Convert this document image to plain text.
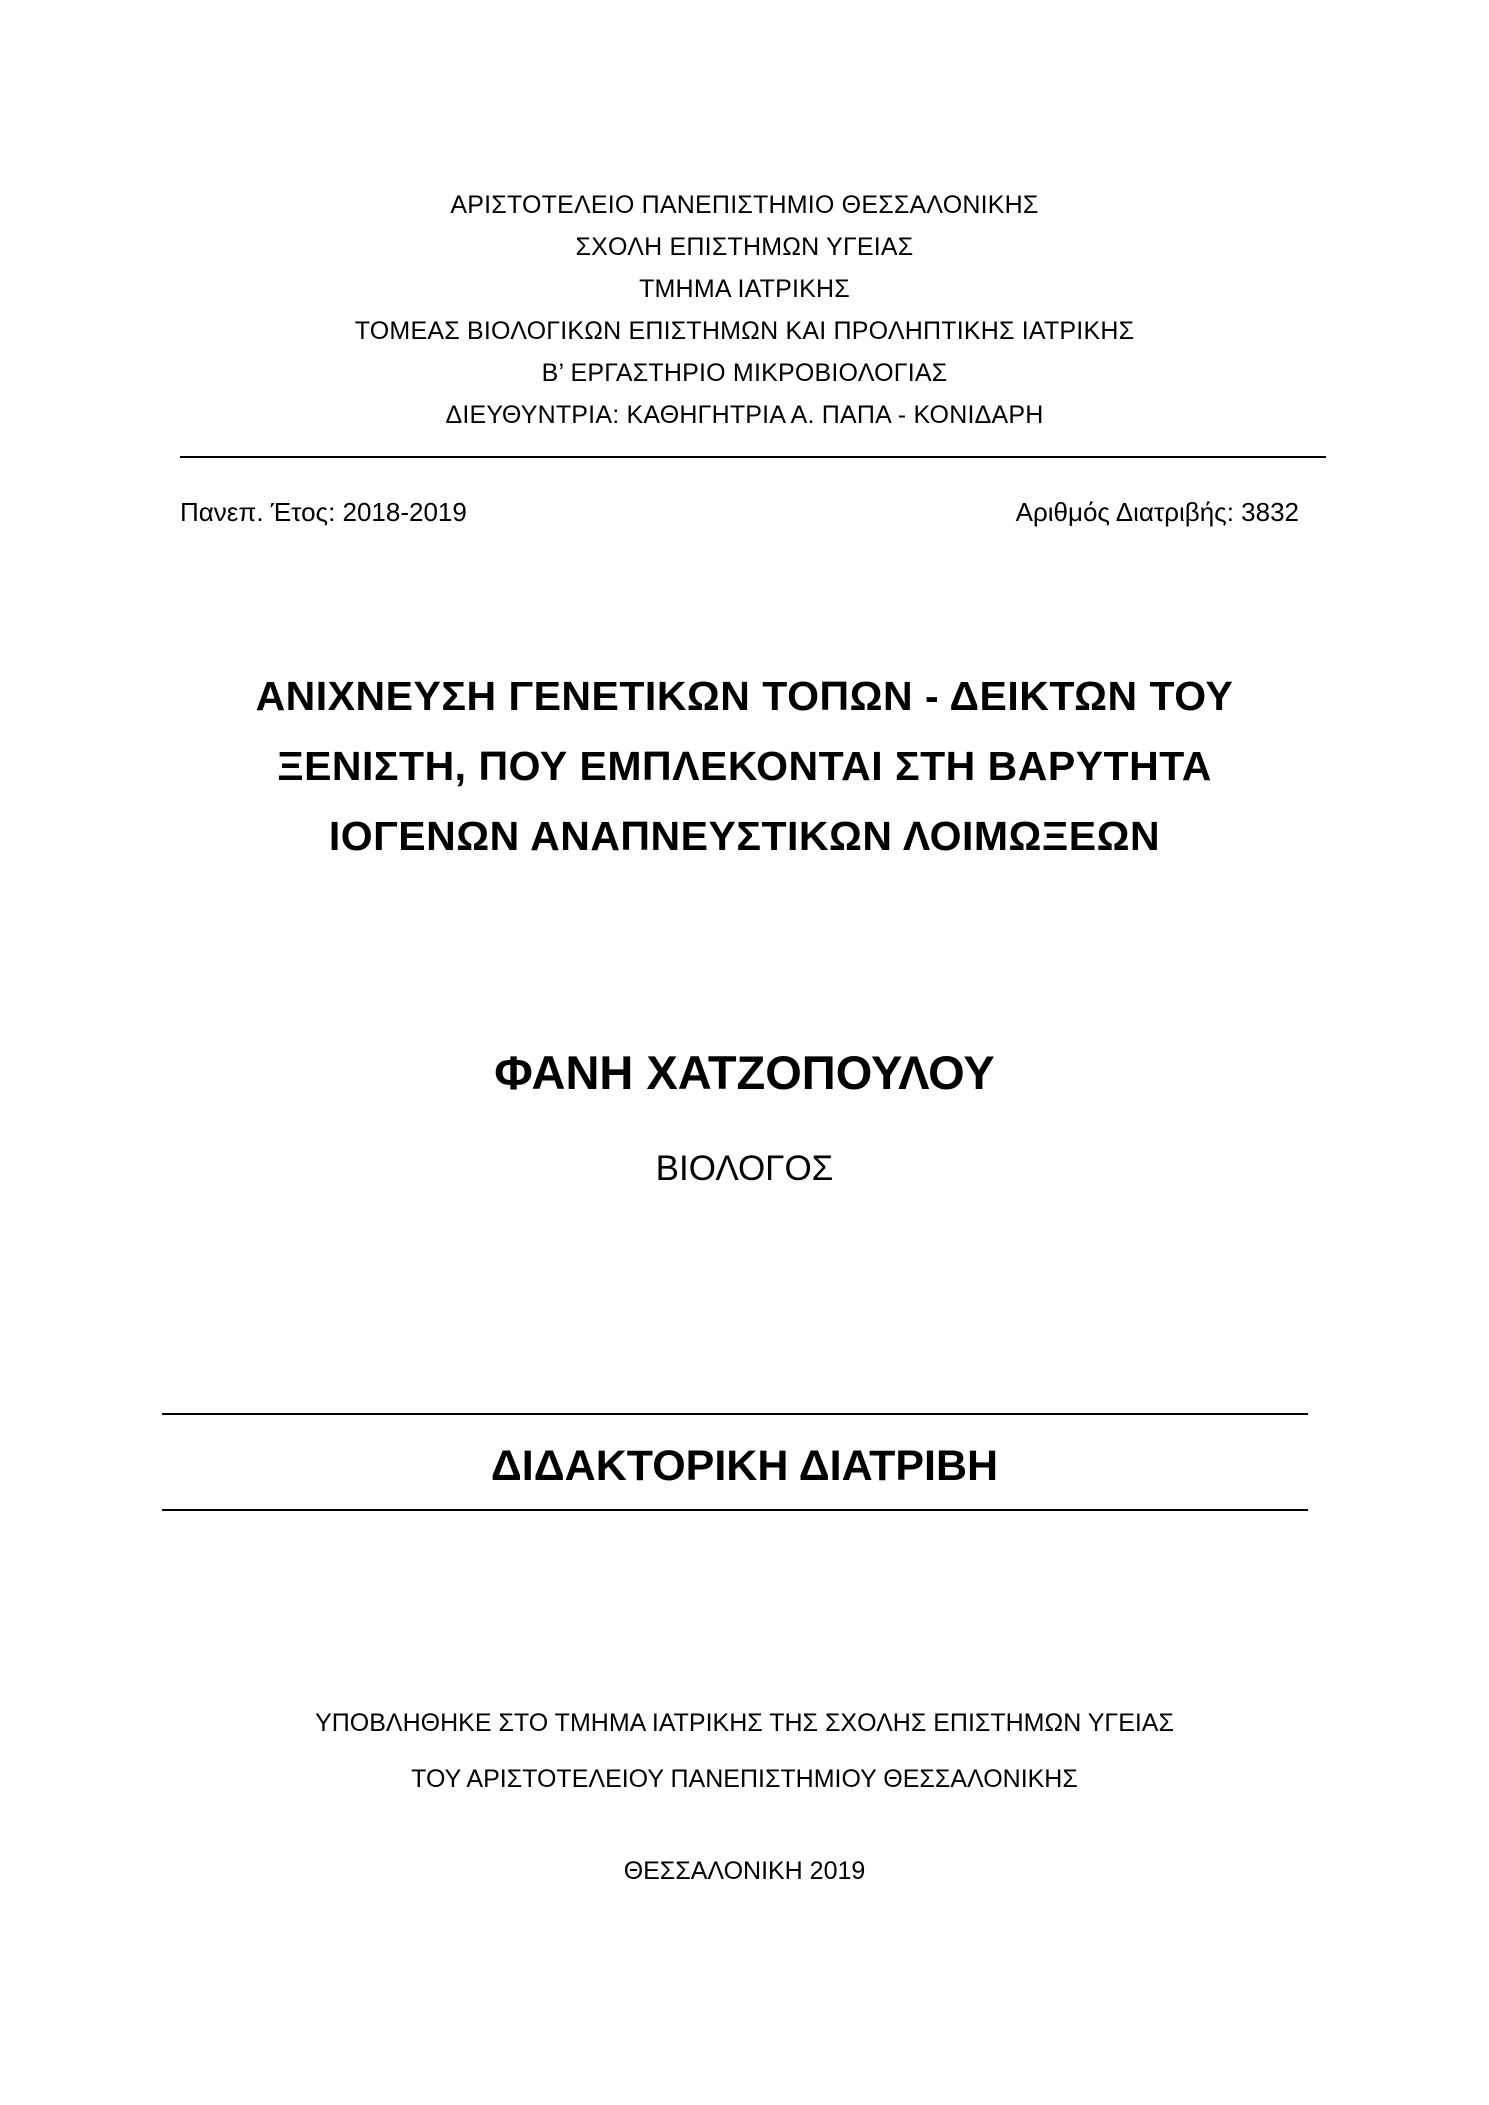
ΑΡΙΣΤΟΤΕΛΕΙΟ ΠΑΝΕΠΙΣΤΗΜΙΟ ΘΕΣΣΑΛΟΝΙΚΗΣ
ΣΧΟΛΗ ΕΠΙΣΤΗΜΩΝ ΥΓΕΙΑΣ
ΤΜΗΜΑ ΙΑΤΡΙΚΗΣ
ΤΟΜΕΑΣ ΒΙΟΛΟΓΙΚΩΝ ΕΠΙΣΤΗΜΩΝ ΚΑΙ ΠΡΟΛΗΠΤΙΚΗΣ ΙΑΤΡΙΚΗΣ
Β’ ΕΡΓΑΣΤΗΡΙΟ ΜΙΚΡΟΒΙΟΛΟΓΙΑΣ
ΔΙΕΥΘΥΝΤΡΙΑ: ΚΑΘΗΓΗΤΡΙΑ Α. ΠΑΠΑ - ΚΟΝΙΔΑΡΗ
Πανεπ. Έτος: 2018-2019	Αριθμός Διατριβής: 3832
ΑΝΙΧΝΕΥΣΗ ΓΕΝΕΤΙΚΩΝ ΤΟΠΩΝ - ΔΕΙΚΤΩΝ ΤΟΥ
ΞΕΝΙΣΤΗ, ΠΟΥ ΕΜΠΛΕΚΟΝΤΑΙ ΣΤΗ ΒΑΡΥΤΗΤΑ
ΙΟΓΕΝΩΝ ΑΝΑΠΝΕΥΣΤΙΚΩΝ ΛΟΙΜΩΞΕΩΝ
ΦΑΝΗ ΧΑΤΖΟΠΟΥΛΟΥ
ΒΙΟΛΟΓΟΣ
ΔΙΔΑΚΤΟΡΙΚΗ ΔΙΑΤΡΙΒΗ
ΥΠΟΒΛΗΘΗΚΕ ΣΤΟ ΤΜΗΜΑ ΙΑΤΡΙΚΗΣ ΤΗΣ ΣΧΟΛΗΣ ΕΠΙΣΤΗΜΩΝ ΥΓΕΙΑΣ
ΤΟΥ ΑΡΙΣΤΟΤΕΛΕΙΟΥ ΠΑΝΕΠΙΣΤΗΜΙΟΥ ΘΕΣΣΑΛΟΝΙΚΗΣ
ΘΕΣΣΑΛΟΝΙΚΗ 2019
